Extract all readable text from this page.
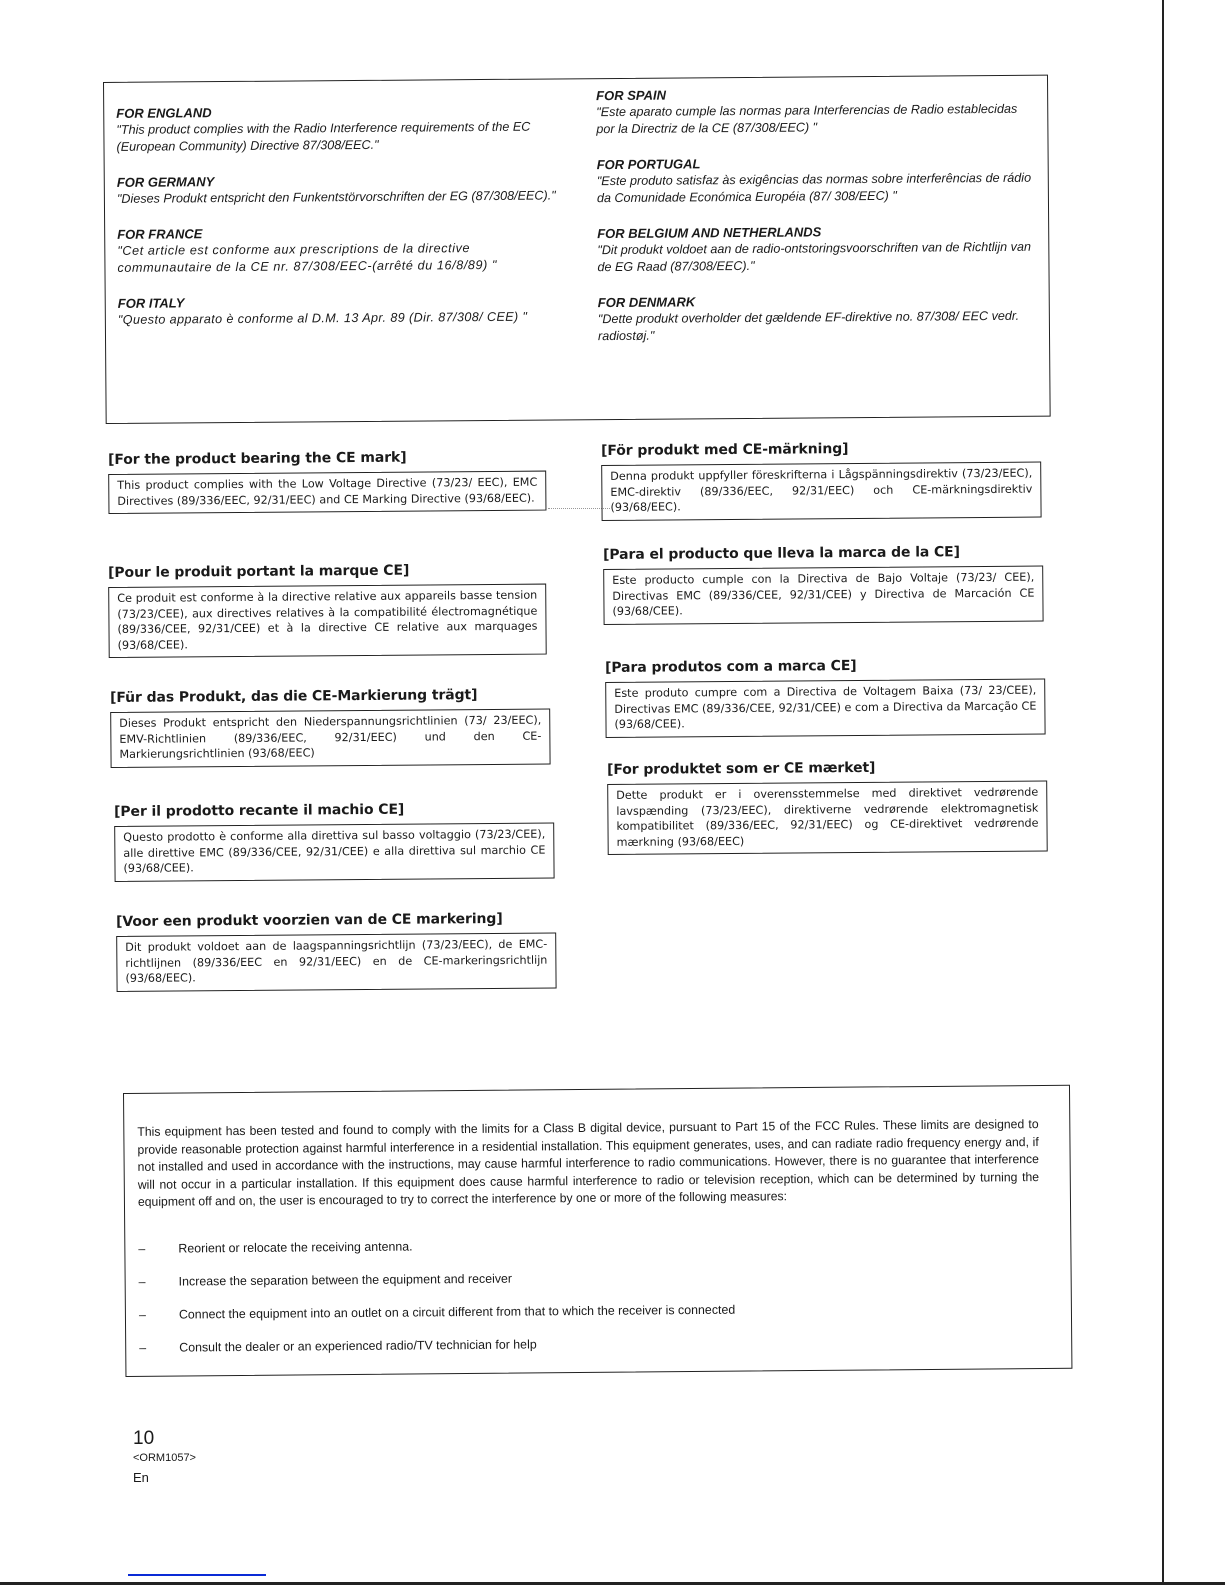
FOR ENGLAND
"This product complies with the Radio Interference requirements of the EC (European Community) Directive 87/308/EEC."
FOR GERMANY
"Dieses Produkt entspricht den Funkentstörvorschriften der EG (87/308/EEC)."
FOR FRANCE
"Cet article est conforme aux prescriptions de la directive communautaire de la CE nr. 87/308/EEC-(arrêté du 16/8/89) "
FOR ITALY
"Questo apparato è conforme al D.M. 13 Apr. 89 (Dir. 87/308/ CEE) "
FOR SPAIN
"Este aparato cumple las normas para Interferencias de Radio establecidas por la Directriz de la CE (87/308/EEC) "
FOR PORTUGAL
"Este produto satisfaz às exigências das normas sobre interferências de rádio da Comunidade Económica Européia (87/ 308/EEC) "
FOR BELGIUM AND NETHERLANDS
"Dit produkt voldoet aan de radio-ontstoringsvoorschriften van de Richtlijn van de EG Raad (87/308/EEC)."
FOR DENMARK
"Dette produkt overholder det gældende EF-direktive no. 87/308/ EEC vedr. radiostøj."
[For the product bearing the CE mark]
This product complies with the Low Voltage Directive (73/23/ EEC), EMC Directives (89/336/EEC, 92/31/EEC) and CE Marking Directive (93/68/EEC).
[Pour le produit portant la marque CE]
Ce produit est conforme à la directive relative aux appareils basse tension (73/23/CEE), aux directives relatives à la compatibilité électromagnétique (89/336/CEE, 92/31/CEE) et à la directive CE relative aux marquages (93/68/CEE).
[Für das Produkt, das die CE-Markierung trägt]
Dieses Produkt entspricht den Niederspannungsrichtlinien (73/ 23/EEC), EMV-Richtlinien (89/336/EEC, 92/31/EEC) und den CE-Markierungsrichtlinien (93/68/EEC)
[Per il prodotto recante il machio CE]
Questo prodotto è conforme alla direttiva sul basso voltaggio (73/23/CEE), alle direttive EMC (89/336/CEE, 92/31/CEE) e alla direttiva sul marchio CE (93/68/CEE).
[Voor een produkt voorzien van de CE markering]
Dit produkt voldoet aan de laagspanningsrichtlijn (73/23/EEC), de EMC-richtlijnen (89/336/EEC en 92/31/EEC) en de CE-markeringsrichtlijn (93/68/EEC).
[För produkt med CE-märkning]
Denna produkt uppfyller föreskrifterna i Lågspänningsdirektiv (73/23/EEC), EMC-direktiv (89/336/EEC, 92/31/EEC) och CE-märkningsdirektiv (93/68/EEC).
[Para el producto que lleva la marca de la CE]
Este producto cumple con la Directiva de Bajo Voltaje (73/23/ CEE), Directivas EMC (89/336/CEE, 92/31/CEE) y Directiva de Marcación CE (93/68/CEE).
[Para produtos com a marca CE]
Este produto cumpre com a Directiva de Voltagem Baixa (73/ 23/CEE), Directivas EMC (89/336/CEE, 92/31/CEE) e com a Directiva da Marcação CE (93/68/CEE).
[For produktet som er CE mærket]
Dette produkt er i overensstemmelse med direktivet vedrørende lavspænding (73/23/EEC), direktiverne vedrørende elektromagnetisk kompatibilitet (89/336/EEC, 92/31/EEC) og CE-direktivet vedrørende mærkning (93/68/EEC)
This equipment has been tested and found to comply with the limits for a Class B digital device, pursuant to Part 15 of the FCC Rules. These limits are designed to provide reasonable protection against harmful interference in a residential installation. This equipment generates, uses, and can radiate radio frequency energy and, if not installed and used in accordance with the instructions, may cause harmful interference to radio communications. However, there is no guarantee that interference will not occur in a particular installation. If this equipment does cause harmful interference to radio or television reception, which can be determined by turning the equipment off and on, the user is encouraged to try to correct the interference by one or more of the following measures:
–	Reorient or relocate the receiving antenna.
–	Increase the separation between the equipment and receiver
–	Connect the equipment into an outlet on a circuit different from that to which the receiver is connected
–	Consult the dealer or an experienced radio/TV technician for help
10
<ORM1057>
En
